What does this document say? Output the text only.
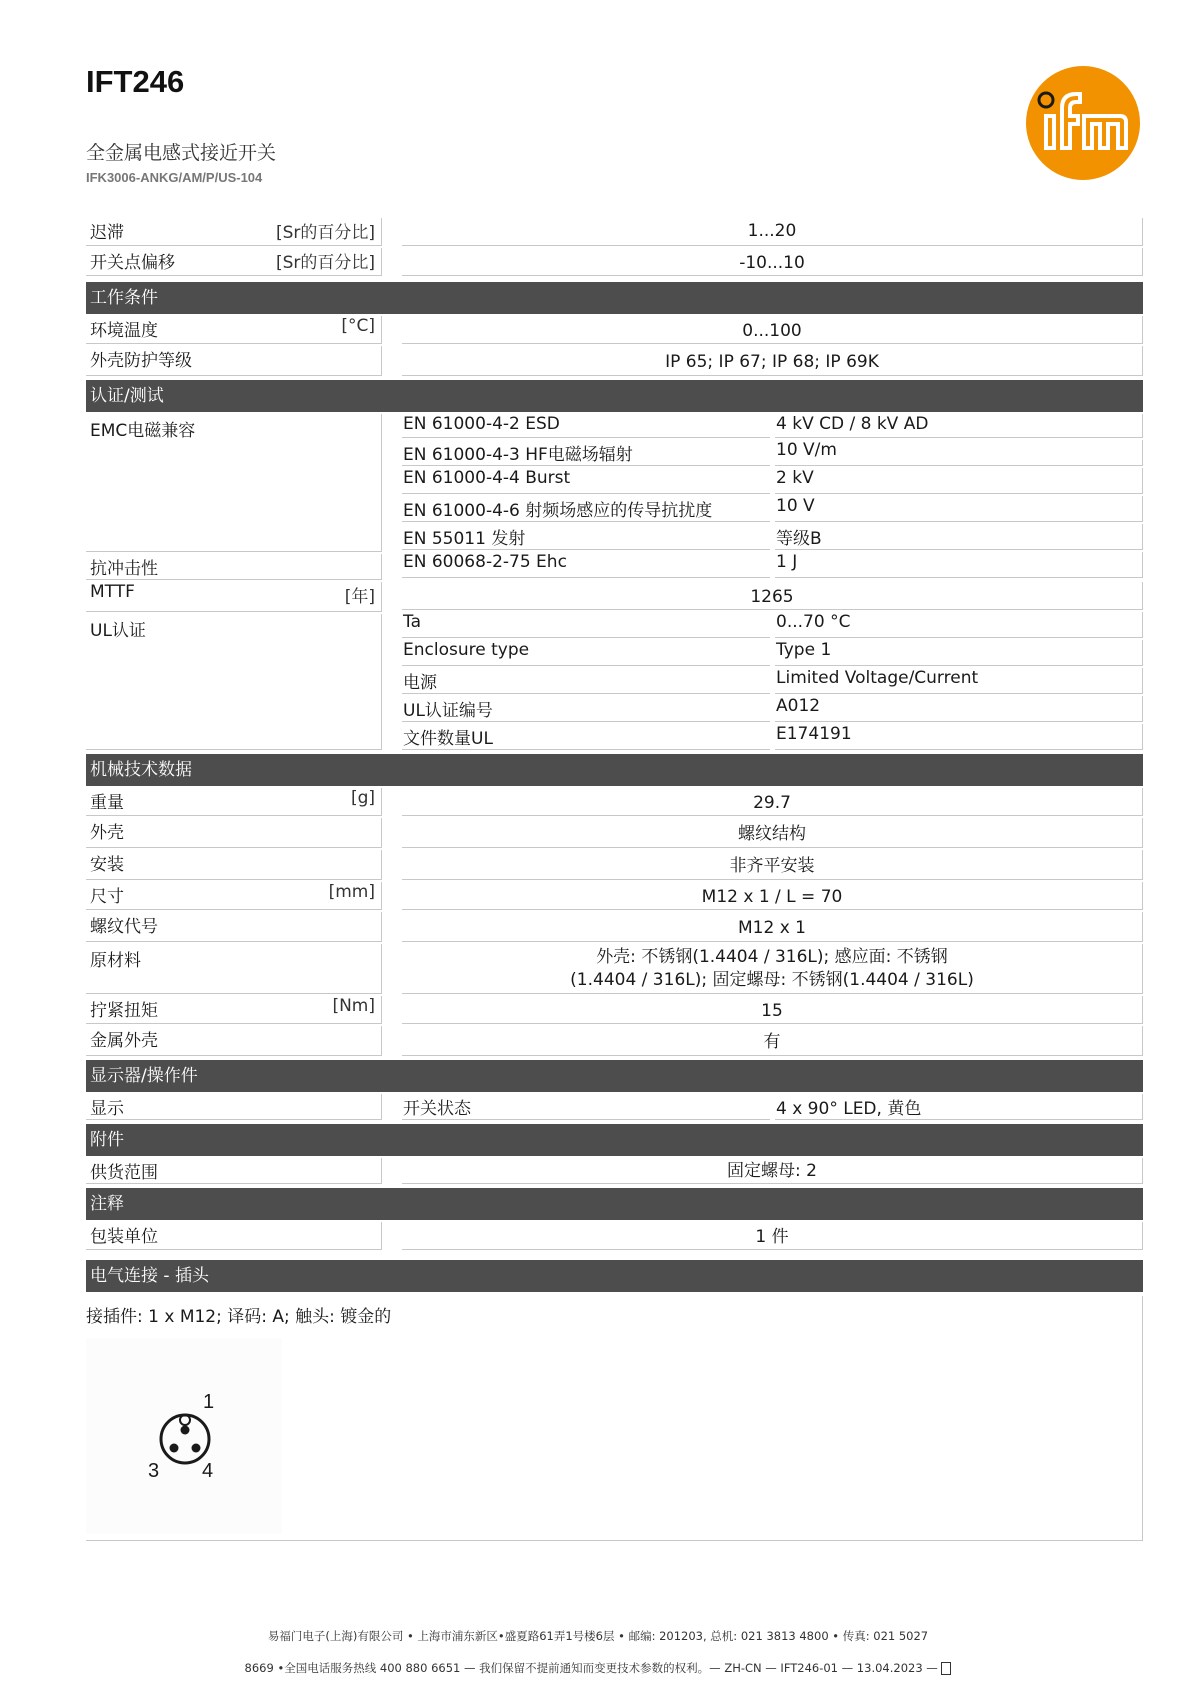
IFT246
全金属电感式接近开关
IFK3006-ANKG/AM/P/US-104
迟滞	[Sr的百分比]	1...20
开关点偏移	[Sr的百分比]	-10...10
工作条件
环境温度	[°C]	0...100
外壳防护等级	IP 65; IP 67; IP 68; IP 69K
认证/测试
EMC电磁兼容	EN 61000-4-2 ESD	4 kV CD / 8 kV AD
EN 61000-4-3 HF电磁场辐射	10 V/m
EN 61000-4-4 Burst	2 kV
EN 61000-4-6 射频场感应的传导抗扰度	10 V
EN 55011 发射	等级B
抗冲击性	EN 60068-2-75 Ehc	1 J
MTTF	[年]	1265
UL认证	Ta	0...70 °C
Enclosure type	Type 1
电源	Limited Voltage/Current
UL认证编号	A012
文件数量UL	E174191
机械技术数据
重量	[g]	29.7
外壳	螺纹结构
安装	非齐平安装
尺寸	[mm]	M12 x 1 / L = 70
螺纹代号	M12 x 1
原材料	外壳: 不锈钢(1.4404 / 316L); 感应面: 不锈钢
(1.4404 / 316L); 固定螺母: 不锈钢(1.4404 / 316L)
拧紧扭矩	[Nm]	15
金属外壳	有
显示器/操作件
显示	开关状态	4 x 90° LED, 黄色
附件
供货范围	固定螺母: 2
注释
包装单位	1 件
电气连接 - 插头
接插件: 1 x M12; 译码: A; 触头: 镀金的
1
3 4
易福门电子(上海)有限公司 • 上海市浦东新区•盛夏路61弄1号楼6层 • 邮编: 201203, 总机: 021 3813 4800 • 传真: 021 5027
8669 •全国电话服务热线 400 880 6651 — 我们保留不提前通知而变更技术参数的权利。— ZH-CN — IFT246-01 — 13.04.2023 —
